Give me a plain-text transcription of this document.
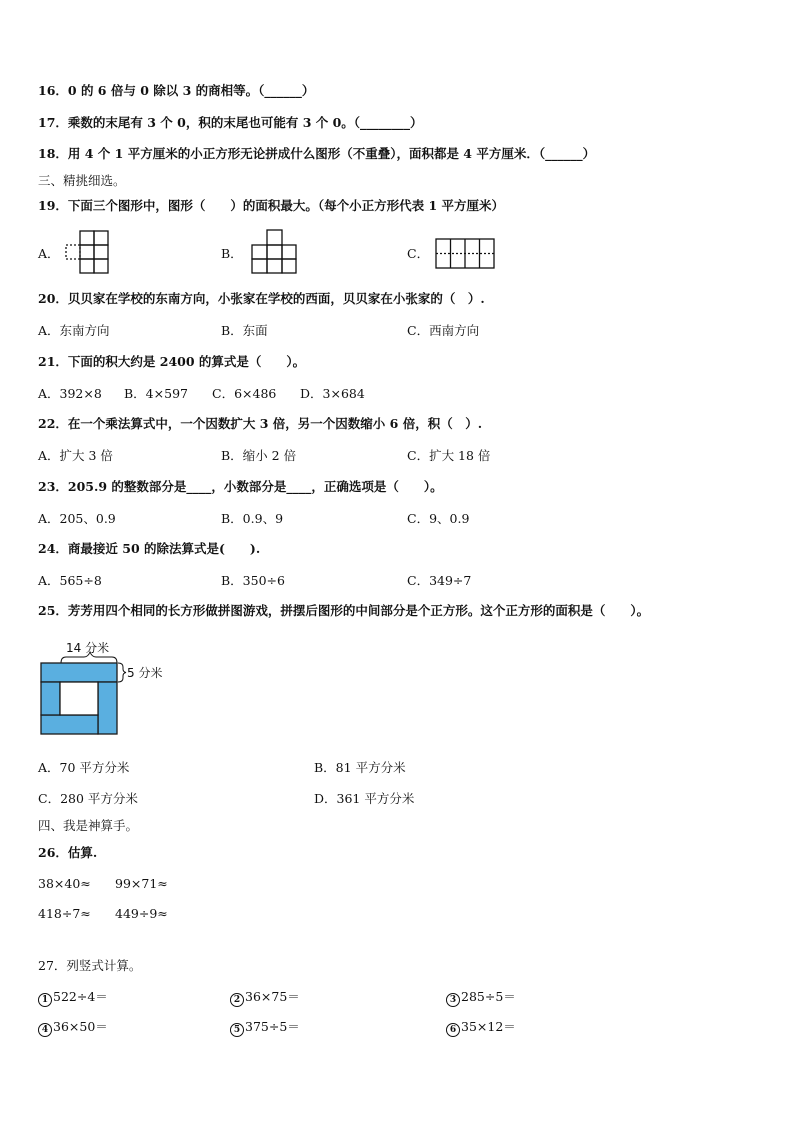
16．0 的 6 倍与 0 除以 3 的商相等。（______）
17．乘数的末尾有 3 个 0，积的末尾也可能有 3 个 0。（________）
18．用 4 个 1 平方厘米的小正方形无论拼成什么图形（不重叠），面积都是 4 平方厘米．（______）
三、精挑细选。
19．下面三个图形中，图形（　　）的面积最大。（每个小正方形代表 1 平方厘米）
A．	B．	C．
20．贝贝家在学校的东南方向，小张家在学校的西面，贝贝家在小张家的（　）.
A．东南方向	B．东面	C．西南方向
21．下面的积大约是 2400 的算式是（　　）。
A．392×8 B．4×597 C．6×486 D．3×684
22．在一个乘法算式中，一个因数扩大 3 倍，另一个因数缩小 6 倍，积（　）.
A．扩大 3 倍	B．缩小 2 倍	C．扩大 18 倍
23．205.9 的整数部分是____，小数部分是____，正确选项是（　　）。
A．205、0.9	B．0.9、9	C．9、0.9
24．商最接近 50 的除法算式是(　　).
A．565÷8	B．350÷6	C．349÷7
25．芳芳用四个相同的长方形做拼图游戏，拼摆后图形的中间部分是个正方形。这个正方形的面积是（　　）。
14 分米
5 分米
A．70 平方分米	B．81 平方分米
C．280 平方分米	D．361 平方分米
四、我是神算手。
26．估算.
38×40≈ 99×71≈
418÷7≈ 449÷9≈
27．列竖式计算。
1 522÷4＝	2 36×75＝	3 285÷5＝
4 36×50＝	5 375÷5＝	6 35×12＝
